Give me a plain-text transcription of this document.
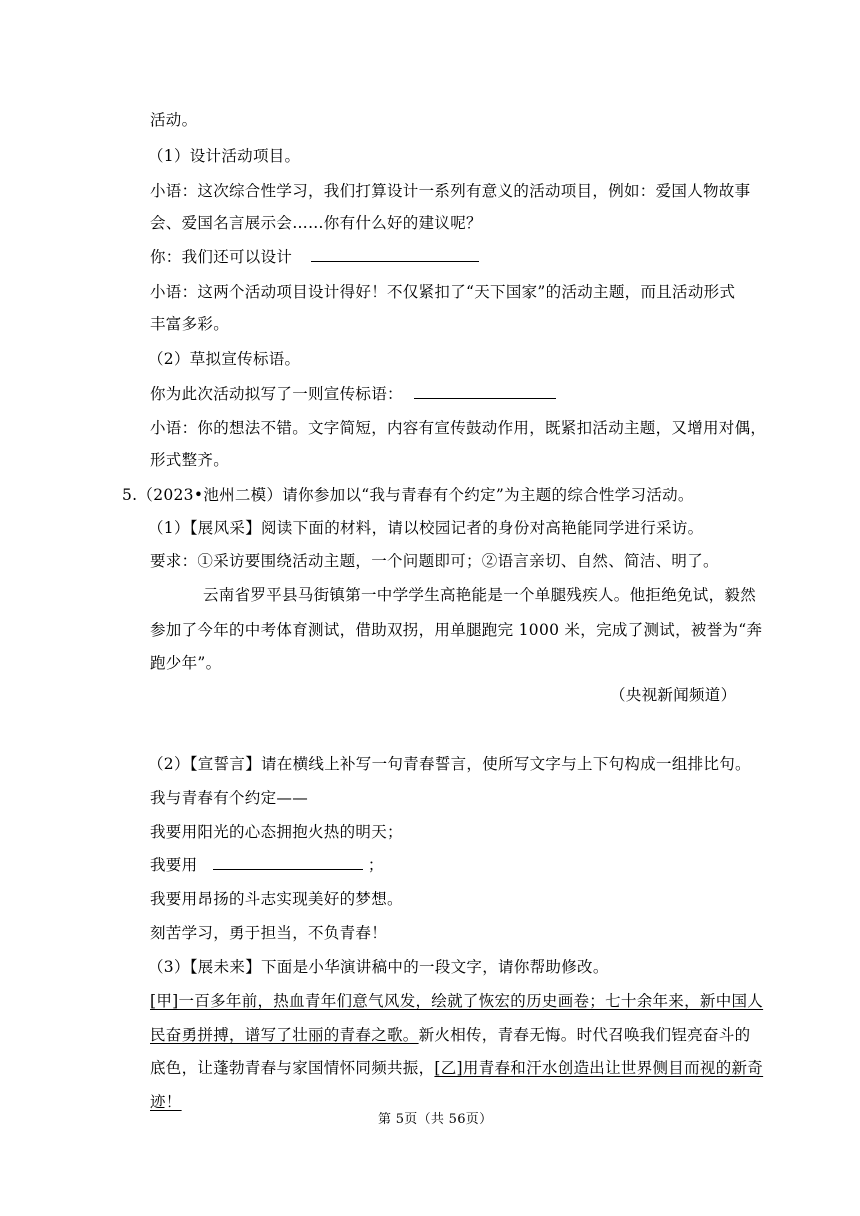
活动。
（1）设计活动项目。
小语：这次综合性学习，我们打算设计一系列有意义的活动项目，例如：爱国人物故事
会、爱国名言展示会……你有什么好的建议呢？
你：我们还可以设计
小语：这两个活动项目设计得好！不仅紧扣了“天下国家”的活动主题，而且活动形式
丰富多彩。
（2）草拟宣传标语。
你为此次活动拟写了一则宣传标语：
小语：你的想法不错。文字简短，内容有宣传鼓动作用，既紧扣活动主题，又增用对偶，
形式整齐。
5.（2023•池州二模）请你参加以“我与青春有个约定”为主题的综合性学习活动。
（1）【展风采】阅读下面的材料，请以校园记者的身份对高艳能同学进行采访。
要求：①采访要围绕活动主题，一个问题即可；②语言亲切、自然、简洁、明了。
云南省罗平县马街镇第一中学学生高艳能是一个单腿残疾人。他拒绝免试，毅然
参加了今年的中考体育测试，借助双拐，用单腿跑完 1000 米，完成了测试，被誉为“奔
跑少年”。
（央视新闻频道）
（2）【宣誓言】请在横线上补写一句青春誓言，使所写文字与上下句构成一组排比句。
我与青春有个约定——
我要用阳光的心态拥抱火热的明天；
我要用	；
我要用昂扬的斗志实现美好的梦想。
刻苦学习，勇于担当，不负青春！
（3）【展未来】下面是小华演讲稿中的一段文字，请你帮助修改。
[甲]一百多年前，热血青年们意气风发，绘就了恢宏的历史画卷；七十余年来，新中国人
民奋勇拼搏，谱写了壮丽的青春之歌。新火相传，青春无悔。时代召唤我们锃亮奋斗的
底色，让蓬勃青春与家国情怀同频共振，[乙]用青春和汗水创造出让世界侧目而视的新奇
迹！
第 5页（共 56页）
